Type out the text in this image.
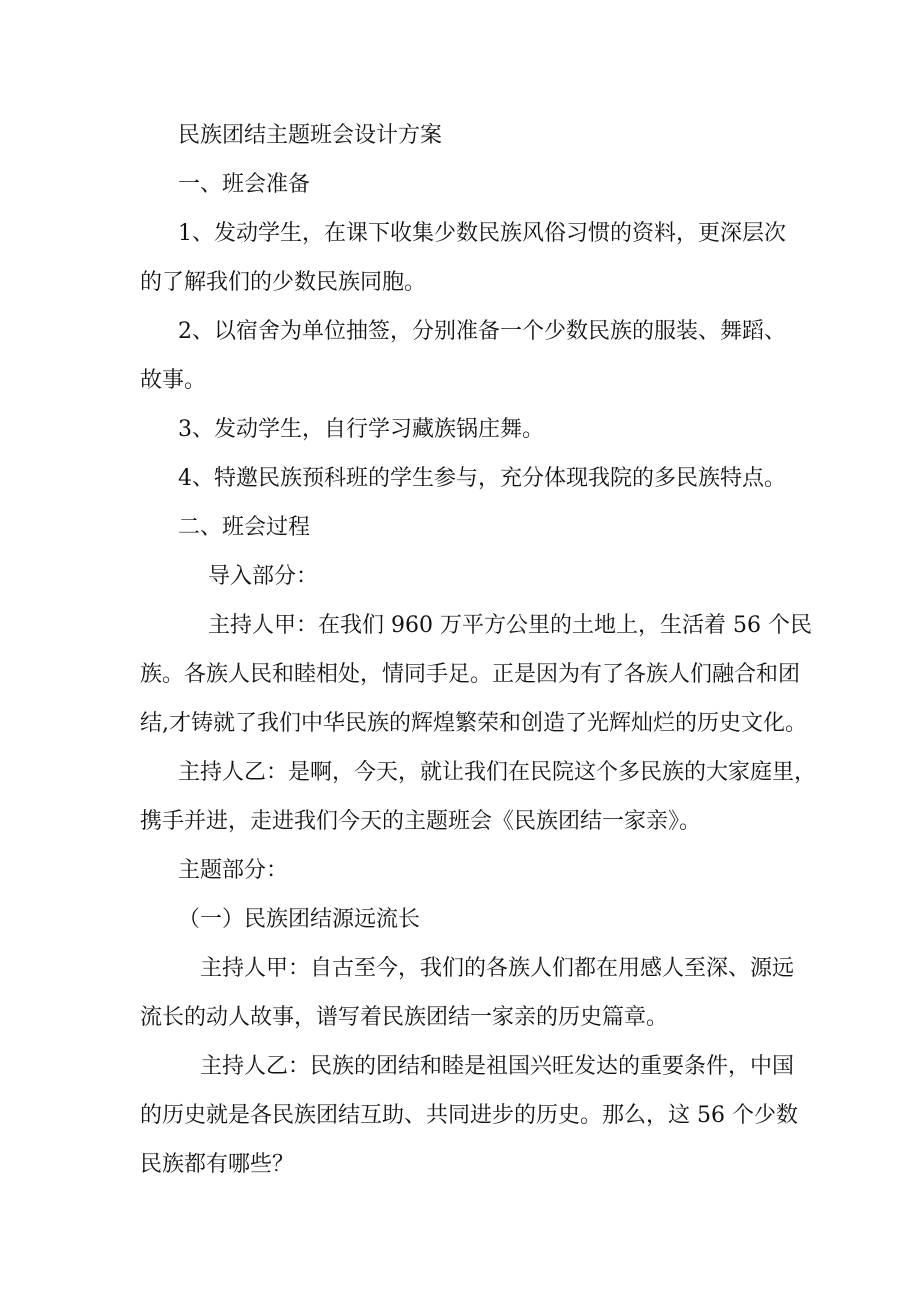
民族团结主题班会设计方案
一、班会准备
1、发动学生，在课下收集少数民族风俗习惯的资料，更深层次
的了解我们的少数民族同胞。
2、以宿舍为单位抽签，分别准备一个少数民族的服装、舞蹈、
故事。
3、发动学生，自行学习藏族锅庄舞。
4、特邀民族预科班的学生参与，充分体现我院的多民族特点。
二、班会过程
导入部分：
主持人甲：在我们 960 万平方公里的土地上，生活着 56 个民
族。各族人民和睦相处，情同手足。正是因为有了各族人们融合和团
结,才铸就了我们中华民族的辉煌繁荣和创造了光辉灿烂的历史文化。
主持人乙：是啊，今天，就让我们在民院这个多民族的大家庭里，
携手并进，走进我们今天的主题班会《民族团结一家亲》。
主题部分：
（一）民族团结源远流长
主持人甲：自古至今，我们的各族人们都在用感人至深、源远
流长的动人故事，谱写着民族团结一家亲的历史篇章。
主持人乙：民族的团结和睦是祖国兴旺发达的重要条件，中国
的历史就是各民族团结互助、共同进步的历史。那么，这 56 个少数
民族都有哪些？
